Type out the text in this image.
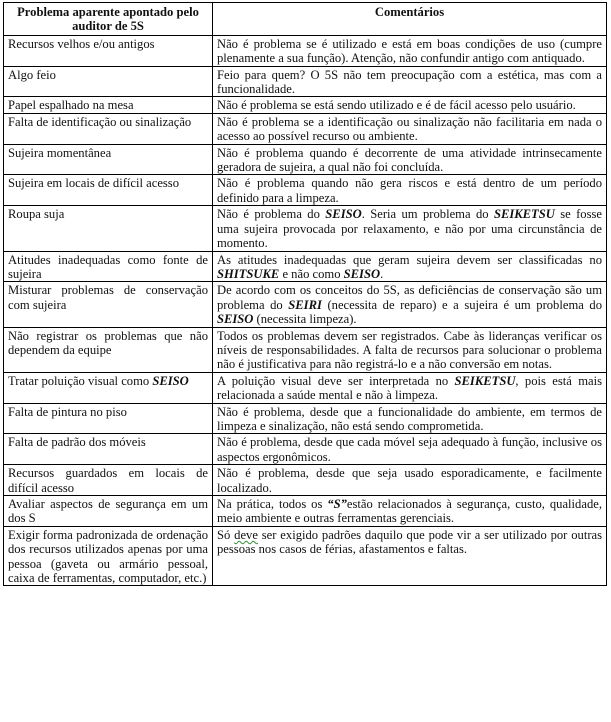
Problema aparente apontado pelo auditor de 5S	Comentários
Recursos velhos e/ou antigos	Não é problema se é utilizado e está em boas condições de uso (cumpre plenamente a sua função). Atenção, não confundir antigo com antiquado.
Algo feio	Feio para quem? O 5S não tem preocupação com a estética, mas com a funcionalidade.
Papel espalhado na mesa	Não é problema se está sendo utilizado e é de fácil acesso pelo usuário.
Falta de identificação ou sinalização	Não é problema se a identificação ou sinalização não facilitaria em nada o acesso ao possível recurso ou ambiente.
Sujeira momentânea	Não é problema quando é decorrente de uma atividade intrinsecamente geradora de sujeira, a qual não foi concluída.
Sujeira em locais de difícil acesso	Não é problema quando não gera riscos e está dentro de um período definido para a limpeza.
Roupa suja	Não é problema do SEISO. Seria um problema do SEIKETSU se fosse uma sujeira provocada por relaxamento, e não por uma circunstância de momento.
Atitudes inadequadas como fonte de sujeira	As atitudes inadequadas que geram sujeira devem ser classificadas no SHITSUKE e não como SEISO.
Misturar problemas de conservação com sujeira	De acordo com os conceitos do 5S, as deficiências de conservação são um problema do SEIRI (necessita de reparo) e a sujeira é um problema do SEISO (necessita limpeza).
Não registrar os problemas que não dependem da equipe	Todos os problemas devem ser registrados. Cabe às lideranças verificar os níveis de responsabilidades. A falta de recursos para solucionar o problema não é justificativa para não registrá-lo e a não conversão em notas.
Tratar poluição visual como SEISO	A poluição visual deve ser interpretada no SEIKETSU, pois está mais relacionada a saúde mental e não à limpeza.
Falta de pintura no piso	Não é problema, desde que a funcionalidade do ambiente, em termos de limpeza e sinalização, não está sendo comprometida.
Falta de padrão dos móveis	Não é problema, desde que cada móvel seja adequado à função, inclusive os aspectos ergonômicos.
Recursos guardados em locais de difícil acesso	Não é problema, desde que seja usado esporadicamente, e facilmente localizado.
Avaliar aspectos de segurança em um dos S	Na prática, todos os “S”estão relacionados à segurança, custo, qualidade, meio ambiente e outras ferramentas gerenciais.
Exigir forma padronizada de ordenação dos recursos utilizados apenas por uma pessoa (gaveta ou armário pessoal, caixa de ferramentas, computador, etc.)	Só deve ser exigido padrões daquilo que pode vir a ser utilizado por outras pessoas nos casos de férias, afastamentos e faltas.
